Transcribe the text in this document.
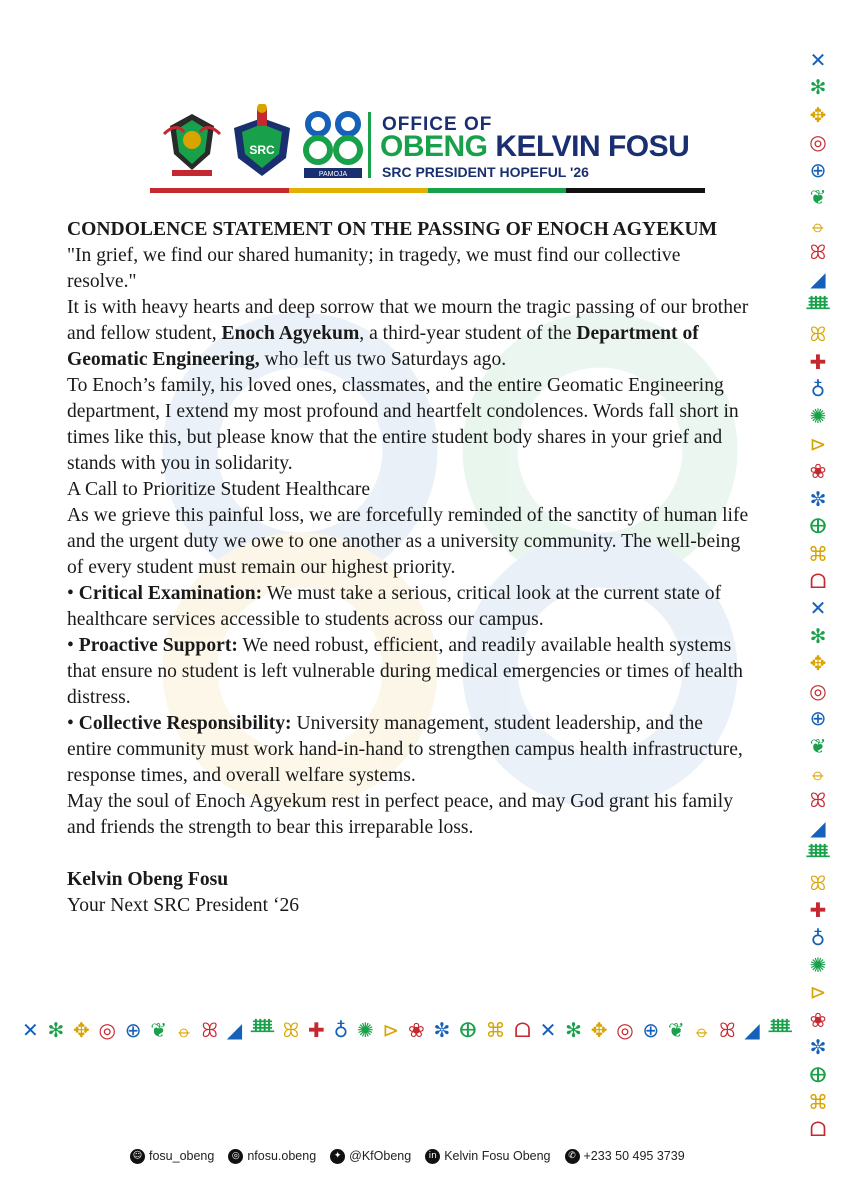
SRC
PAMOJA
OFFICE OF
OBENG KELVIN FOSU
SRC PRESIDENT HOPEFUL '26

CONDOLENCE STATEMENT ON THE PASSING OF ENOCH AGYEKUM

"In grief, we find our shared humanity; in tragedy, we must find our collective resolve."

It is with heavy hearts and deep sorrow that we mourn the tragic passing of our brother and fellow student, Enoch Agyekum, a third-year student of the Department of Geomatic Engineering, who left us two Saturdays ago.

To Enoch’s family, his loved ones, classmates, and the entire Geomatic Engineering department, I extend my most profound and heartfelt condolences. Words fall short in times like this, but please know that the entire student body shares in your grief and stands with you in solidarity.

A Call to Prioritize Student Healthcare

As we grieve this painful loss, we are forcefully reminded of the sanctity of human life and the urgent duty we owe to one another as a university community. The well-being of every student must remain our highest priority.

• Critical Examination: We must take a serious, critical look at the current state of healthcare services accessible to students across our campus.

• Proactive Support: We need robust, efficient, and readily available health systems that ensure no student is left vulnerable during medical emergencies or times of health distress.

• Collective Responsibility: University management, student leadership, and the entire community must work hand-in-hand to strengthen campus health infrastructure, response times, and overall welfare systems.

May the soul of Enoch Agyekum rest in perfect peace, and may God grant his family and friends the strength to bear this irreparable loss.

Kelvin Obeng Fosu

Your Next SRC President ‘26

✕
✻
✥
◎
⊕
❦
⦵
ꕤ
◢
ᚙ
ꕤ
✚
♁
✺
⊳
❀
✼
ⴲ
⌘
ᗝ
✕
✻
✥
◎
⊕
❦
⦵
ꕤ
◢
ᚙ
ꕤ
✚
♁
✺
⊳
❀
✼
ⴲ
⌘
ᗝ
✕ ✻ ✥ ◎ ⊕ ❦ ⦵ ꕤ ◢ ᚙ ꕤ ✚ ♁ ✺ ⊳ ❀ ✼ ⴲ ⌘ ᗝ ✕ ✻ ✥ ◎ ⊕ ❦ ⦵ ꕤ ◢ ᚙ
☺ fosu_obeng	◎ nfosu.obeng	✦ @KfObeng	in Kelvin Fosu Obeng	✆ +233 50 495 3739
